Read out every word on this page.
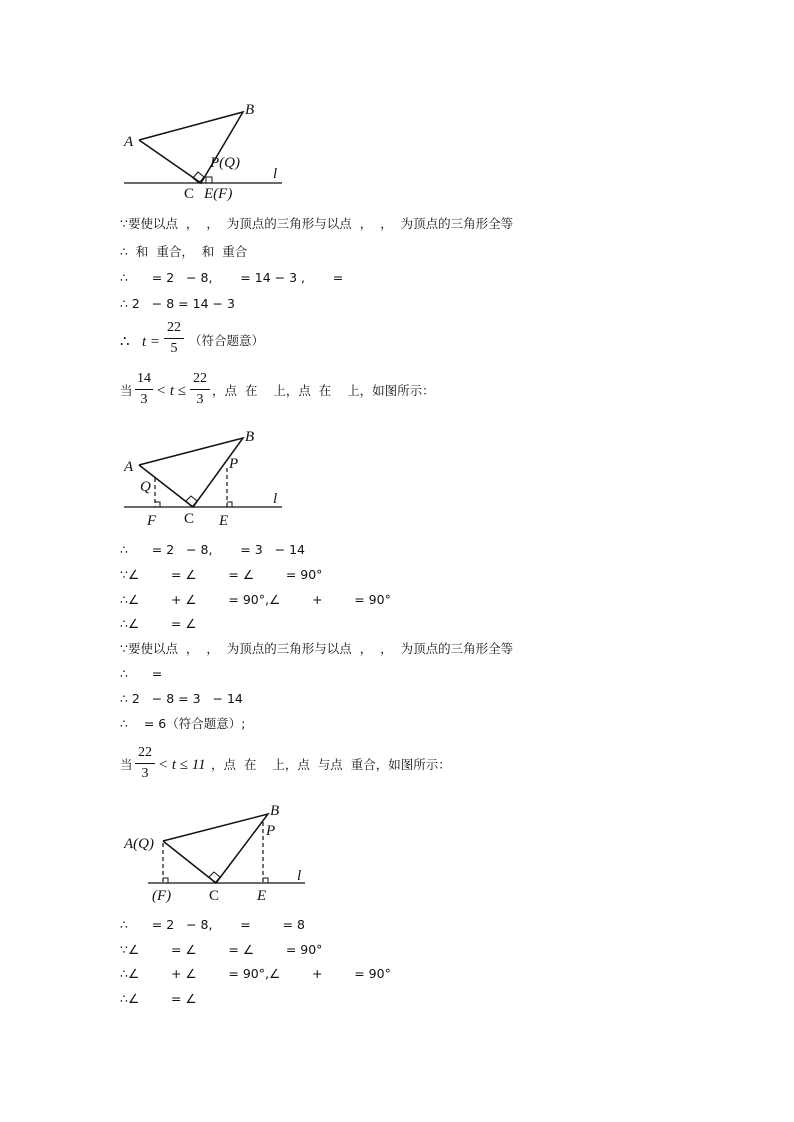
A
B
P(Q)
C E(F)
l
∵要使以点  ，  ，  为顶点的三角形与以点  ，  ，  为顶点的三角形全等
∴  和  重合，  和  重合
∴      = 2   − 8,       = 14 − 3 ,       =
∴ 2   − 8 = 14 − 3
∴ t =
22
5
（符合题意）
当
14
3
< t ≤
22
3
，点  在    上，点  在    上，如图所示：
A
B
P
Q
F C E
l
∴      = 2   − 8,       = 3   − 14
∵∠        = ∠        = ∠        = 90°
∴∠        + ∠        = 90°,∠        +        = 90°
∴∠        = ∠
∵要使以点  ，  ，  为顶点的三角形与以点  ，  ，  为顶点的三角形全等
∴      =
∴ 2   − 8 = 3   − 14
∴    = 6（符合题意）;
当
22
3
< t ≤ 11 ，点  在    上，点  与点  重合，如图所示：
A(Q)
B
P
(F)	C	E
l
∴      = 2   − 8,       =        = 8
∵∠        = ∠        = ∠        = 90°
∴∠        + ∠        = 90°,∠        +        = 90°
∴∠        = ∠
